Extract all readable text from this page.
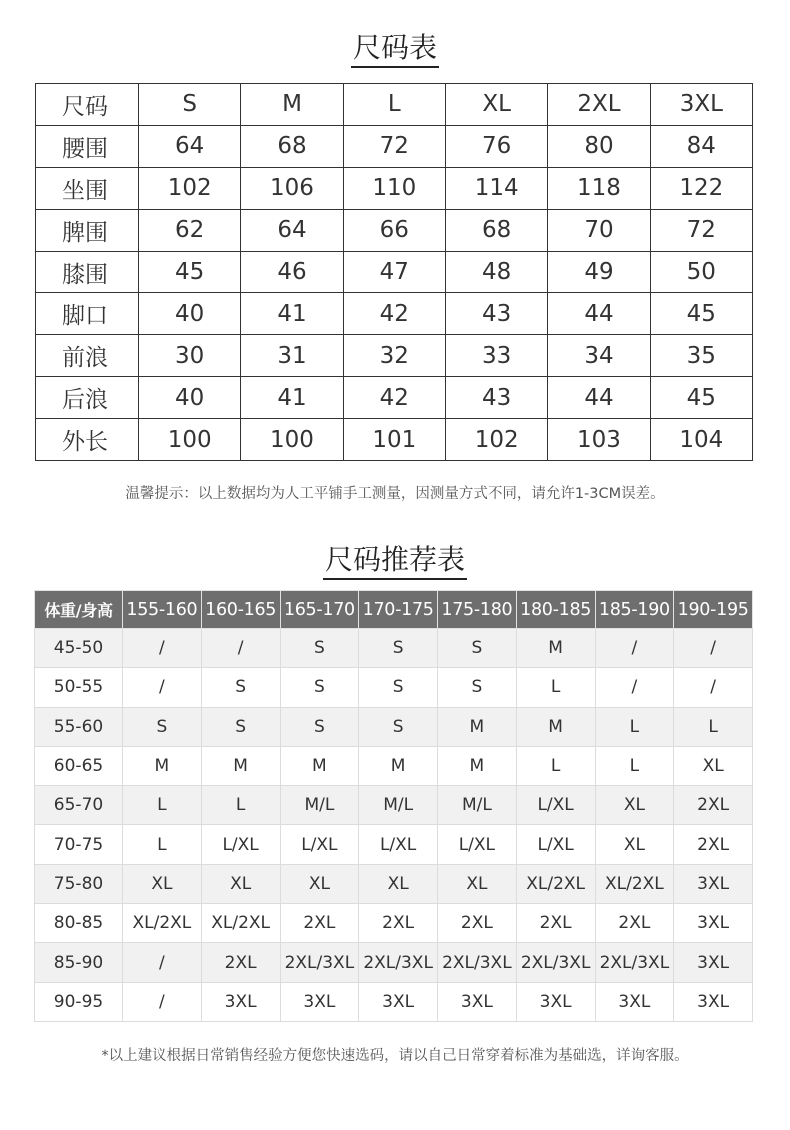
尺码表
尺码	S	M	L	XL	2XL	3XL
腰围	64	68	72	76	80	84
坐围	102	106	110	114	118	122
脾围	62	64	66	68	70	72
膝围	45	46	47	48	49	50
脚口	40	41	42	43	44	45
前浪	30	31	32	33	34	35
后浪	40	41	42	43	44	45
外长	100	100	101	102	103	104
温馨提示：以上数据均为人工平铺手工测量，因测量方式不同，请允许1-3CM误差。
尺码推荐表
体重/身高	155-160	160-165	165-170	170-175	175-180	180-185	185-190	190-195
45-50	/	/	S	S	S	M	/	/
50-55	/	S	S	S	S	L	/	/
55-60	S	S	S	S	M	M	L	L
60-65	M	M	M	M	M	L	L	XL
65-70	L	L	M/L	M/L	M/L	L/XL	XL	2XL
70-75	L	L/XL	L/XL	L/XL	L/XL	L/XL	XL	2XL
75-80	XL	XL	XL	XL	XL	XL/2XL	XL/2XL	3XL
80-85	XL/2XL	XL/2XL	2XL	2XL	2XL	2XL	2XL	3XL
85-90	/	2XL	2XL/3XL	2XL/3XL	2XL/3XL	2XL/3XL	2XL/3XL	3XL
90-95	/	3XL	3XL	3XL	3XL	3XL	3XL	3XL
*以上建议根据日常销售经验方便您快速选码，请以自己日常穿着标准为基础选，详询客服。
